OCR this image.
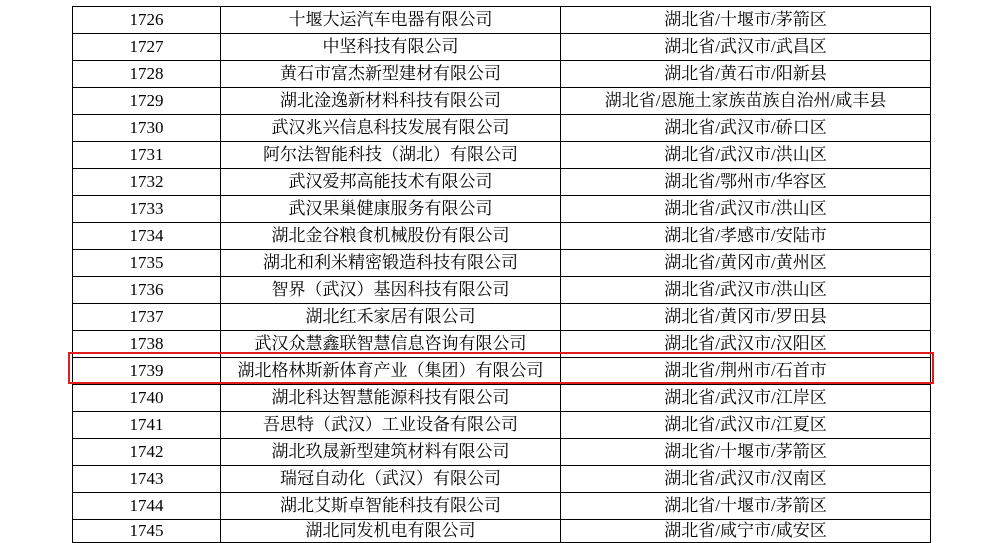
1726	十堰大运汽车电器有限公司	湖北省/十堰市/茅箭区
1727	中坚科技有限公司	湖北省/武汉市/武昌区
1728	黄石市富杰新型建材有限公司	湖北省/黄石市/阳新县
1729	湖北淦逸新材料科技有限公司	湖北省/恩施土家族苗族自治州/咸丰县
1730	武汉兆兴信息科技发展有限公司	湖北省/武汉市/硚口区
1731	阿尔法智能科技（湖北）有限公司	湖北省/武汉市/洪山区
1732	武汉爱邦高能技术有限公司	湖北省/鄂州市/华容区
1733	武汉果巢健康服务有限公司	湖北省/武汉市/洪山区
1734	湖北金谷粮食机械股份有限公司	湖北省/孝感市/安陆市
1735	湖北和利米精密锻造科技有限公司	湖北省/黄冈市/黄州区
1736	智界（武汉）基因科技有限公司	湖北省/武汉市/洪山区
1737	湖北红禾家居有限公司	湖北省/黄冈市/罗田县
1738	武汉众慧鑫联智慧信息咨询有限公司	湖北省/武汉市/汉阳区
1739	湖北格林斯新体育产业（集团）有限公司	湖北省/荆州市/石首市
1740	湖北科达智慧能源科技有限公司	湖北省/武汉市/江岸区
1741	吾思特（武汉）工业设备有限公司	湖北省/武汉市/江夏区
1742	湖北玖晟新型建筑材料有限公司	湖北省/十堰市/茅箭区
1743	瑞冠自动化（武汉）有限公司	湖北省/武汉市/汉南区
1744	湖北艾斯卓智能科技有限公司	湖北省/十堰市/茅箭区
1745	湖北同发机电有限公司	湖北省/咸宁市/咸安区
